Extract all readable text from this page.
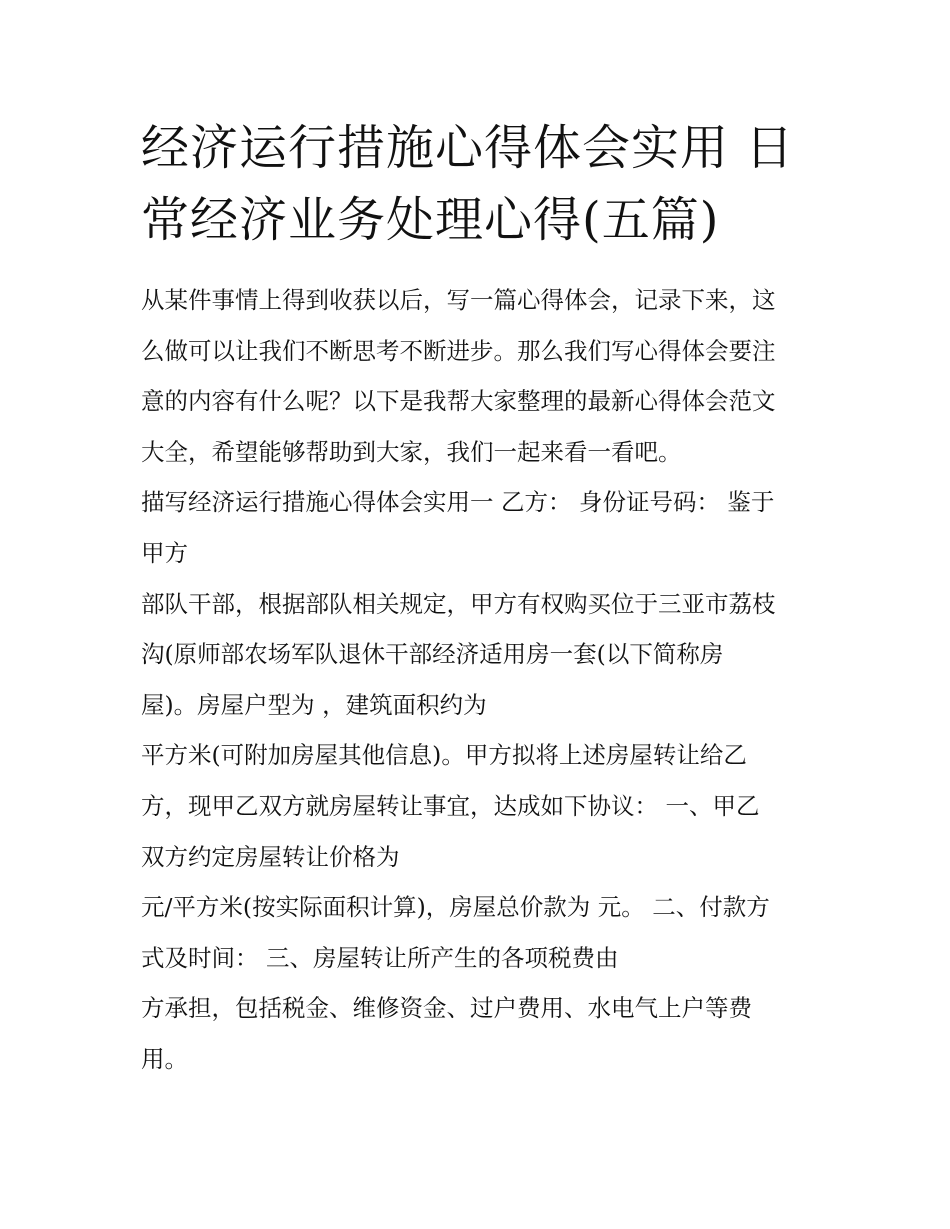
经济运行措施心得体会实用 日
常经济业务处理心得(五篇)
从某件事情上得到收获以后，写一篇心得体会，记录下来，这
么做可以让我们不断思考不断进步。那么我们写心得体会要注
意的内容有什么呢？以下是我帮大家整理的最新心得体会范文
大全，希望能够帮助到大家，我们一起来看一看吧。
描写经济运行措施心得体会实用一 乙方： 身份证号码： 鉴于
甲方
部队干部，根据部队相关规定，甲方有权购买位于三亚市荔枝
沟(原师部农场军队退休干部经济适用房一套(以下简称房
屋)。房屋户型为 ，建筑面积约为
平方米(可附加房屋其他信息)。甲方拟将上述房屋转让给乙
方，现甲乙双方就房屋转让事宜，达成如下协议： 一、甲乙
双方约定房屋转让价格为
元/平方米(按实际面积计算)，房屋总价款为 元。 二、付款方
式及时间： 三、房屋转让所产生的各项税费由
方承担，包括税金、维修资金、过户费用、水电气上户等费
用。
